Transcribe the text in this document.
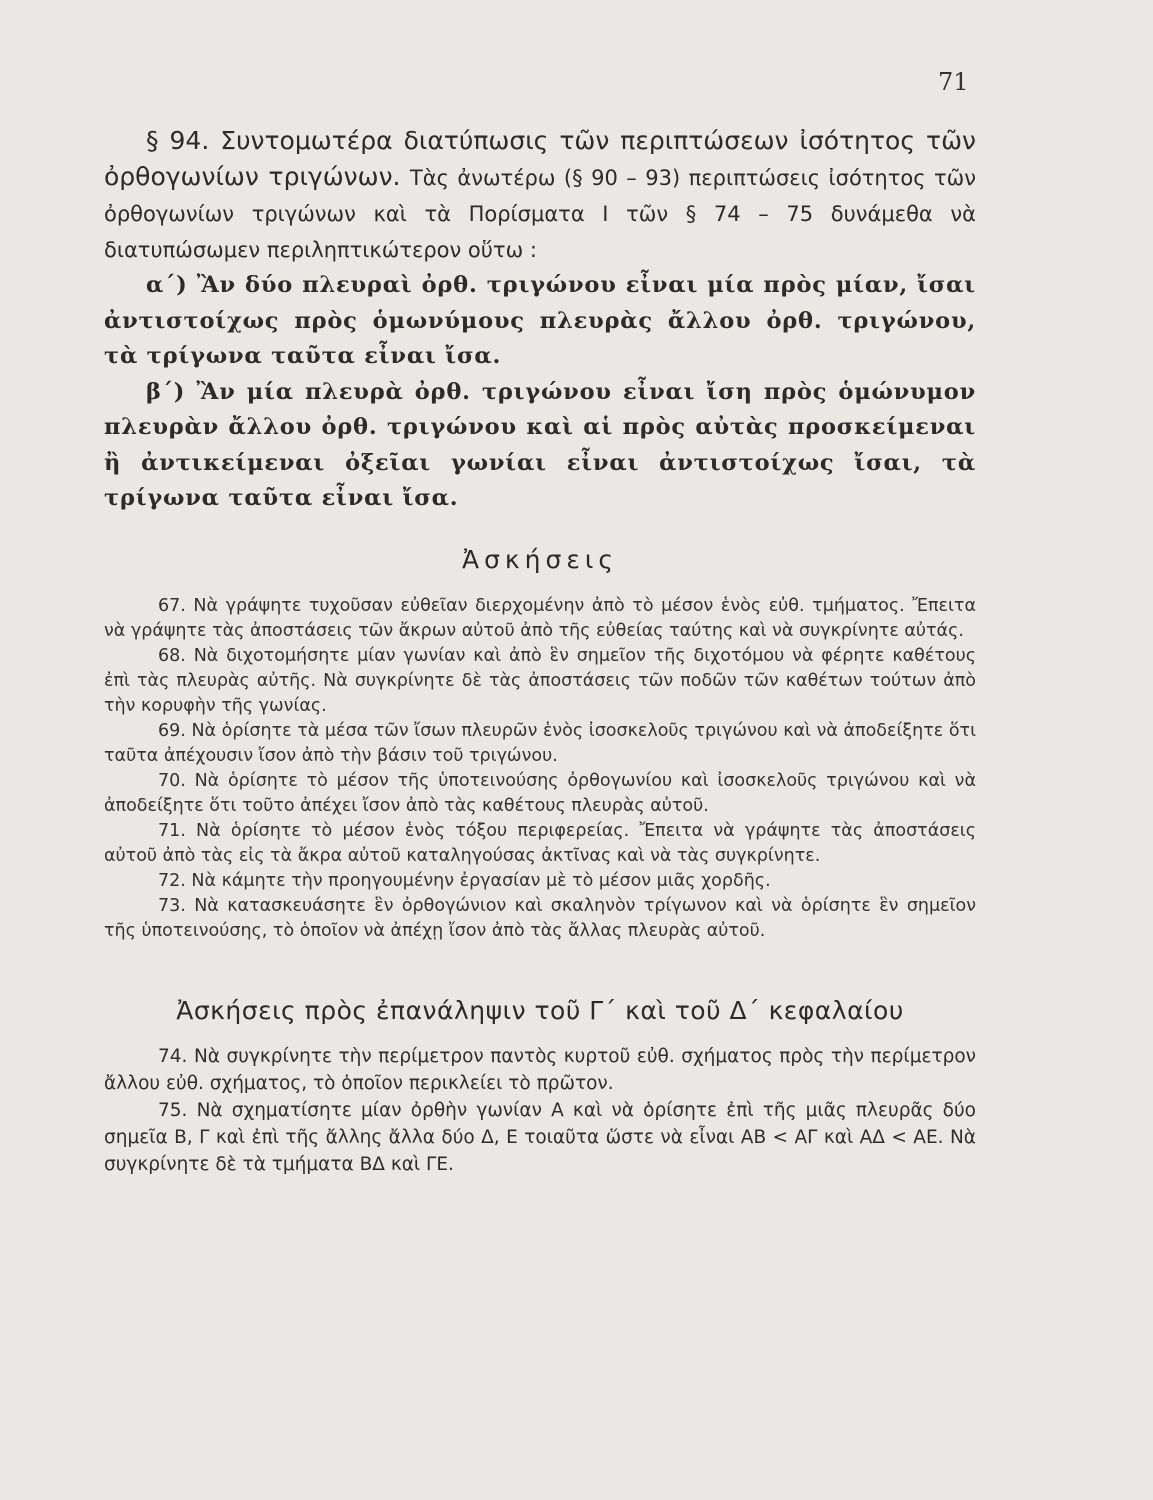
71

§ 94. Συντομωτέρα διατύπωσις τῶν περιπτώσεων ἰσότητος τῶν ὀρθογωνίων τριγώνων. Τὰς ἀνωτέρω (§ 90 – 93) περιπτώσεις ἰσότητος τῶν ὀρθογωνίων τριγώνων καὶ τὰ Πορίσματα I τῶν § 74 – 75 δυνάμεθα νὰ διατυπώσωμεν περιληπτικώτερον οὕτω :

α΄) Ἂν δύο πλευραὶ ὀρθ. τριγώνου εἶναι μία πρὸς μίαν, ἴσαι ἀντιστοίχως πρὸς ὁμωνύμους πλευρὰς ἄλλου ὀρθ. τριγώνου, τὰ τρίγωνα ταῦτα εἶναι ἴσα.

β΄) Ἂν μία πλευρὰ ὀρθ. τριγώνου εἶναι ἴση πρὸς ὁμώνυμον πλευρὰν ἄλλου ὀρθ. τριγώνου καὶ αἱ πρὸς αὐτὰς προσκείμεναι ἢ ἀντικείμεναι ὀξεῖαι γωνίαι εἶναι ἀντιστοίχως ἴσαι, τὰ τρίγωνα ταῦτα εἶναι ἴσα.

Ἀσκήσεις

67. Νὰ γράψητε τυχοῦσαν εὐθεῖαν διερχομένην ἀπὸ τὸ μέσον ἑνὸς εὐθ. τμήματος. Ἔπειτα νὰ γράψητε τὰς ἀποστάσεις τῶν ἄκρων αὐτοῦ ἀπὸ τῆς εὐθείας ταύτης καὶ νὰ συγκρίνητε αὐτάς.

68. Νὰ διχοτομήσητε μίαν γωνίαν καὶ ἀπὸ ἓν σημεῖον τῆς διχοτόμου νὰ φέρητε καθέτους ἐπὶ τὰς πλευρὰς αὐτῆς. Νὰ συγκρίνητε δὲ τὰς ἀποστάσεις τῶν ποδῶν τῶν καθέτων τούτων ἀπὸ τὴν κορυφὴν τῆς γωνίας.

69. Νὰ ὁρίσητε τὰ μέσα τῶν ἴσων πλευρῶν ἑνὸς ἰσοσκελοῦς τριγώνου καὶ νὰ ἀποδείξητε ὅτι ταῦτα ἀπέχουσιν ἴσον ἀπὸ τὴν βάσιν τοῦ τριγώνου.

70. Νὰ ὁρίσητε τὸ μέσον τῆς ὑποτεινούσης ὀρθογωνίου καὶ ἰσοσκελοῦς τριγώνου καὶ νὰ ἀποδείξητε ὅτι τοῦτο ἀπέχει ἴσον ἀπὸ τὰς καθέτους πλευρὰς αὐτοῦ.

71. Νὰ ὁρίσητε τὸ μέσον ἑνὸς τόξου περιφερείας. Ἔπειτα νὰ γράψητε τὰς ἀποστάσεις αὐτοῦ ἀπὸ τὰς εἰς τὰ ἄκρα αὐτοῦ καταληγούσας ἀκτῖνας καὶ νὰ τὰς συγκρίνητε.

72. Νὰ κάμητε τὴν προηγουμένην ἐργασίαν μὲ τὸ μέσον μιᾶς χορδῆς.

73. Νὰ κατασκευάσητε ἓν ὀρθογώνιον καὶ σκαληνὸν τρίγωνον καὶ νὰ ὁρίσητε ἓν σημεῖον τῆς ὑποτεινούσης, τὸ ὁποῖον νὰ ἀπέχῃ ἴσον ἀπὸ τὰς ἄλλας πλευρὰς αὐτοῦ.

Ἀσκήσεις πρὸς ἐπανάληψιν τοῦ Γ΄ καὶ τοῦ Δ΄ κεφαλαίου

74. Νὰ συγκρίνητε τὴν περίμετρον παντὸς κυρτοῦ εὐθ. σχήματος πρὸς τὴν περίμετρον ἄλλου εὐθ. σχήματος, τὸ ὁποῖον περικλείει τὸ πρῶτον.

75. Νὰ σχηματίσητε μίαν ὀρθὴν γωνίαν Α καὶ νὰ ὁρίσητε ἐπὶ τῆς μιᾶς πλευρᾶς δύο σημεῖα Β, Γ καὶ ἐπὶ τῆς ἄλλης ἄλλα δύο Δ, Ε τοιαῦτα ὥστε νὰ εἶναι ΑΒ < ΑΓ καὶ ΑΔ < ΑΕ. Νὰ συγκρίνητε δὲ τὰ τμήματα ΒΔ καὶ ΓΕ.
